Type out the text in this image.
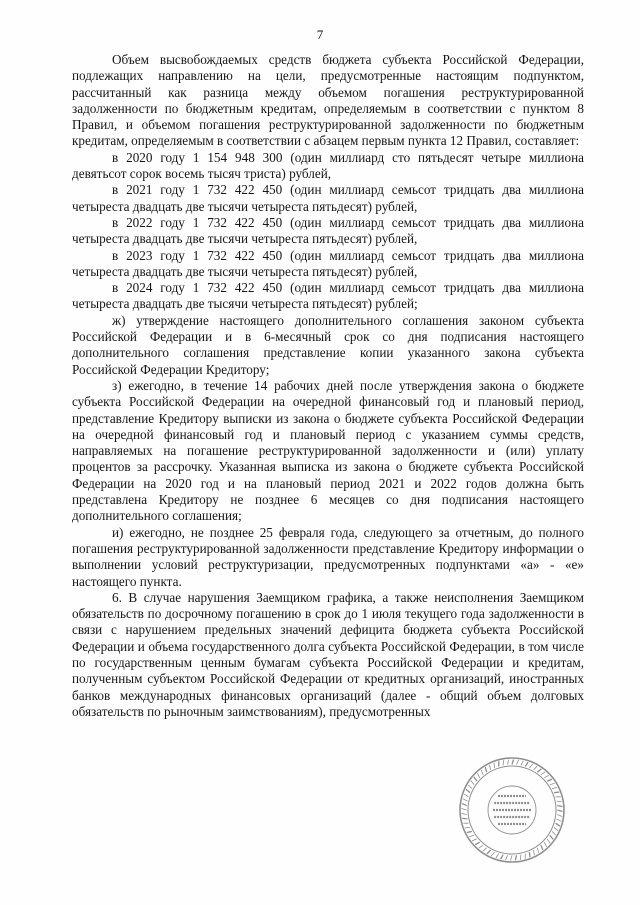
7

Объем высвобождаемых средств бюджета субъекта Российской Федерации, подлежащих направлению на цели, предусмотренные настоящим подпунктом, рассчитанный как разница между объемом погашения реструктурированной задолженности по бюджетным кредитам, определяемым в соответствии с пунктом 8 Правил, и объемом погашения реструктурированной задолженности по бюджетным кредитам, определяемым в соответствии с абзацем первым пункта 12 Правил, составляет:

в 2020 году 1 154 948 300 (один миллиард сто пятьдесят четыре миллиона девятьсот сорок восемь тысяч триста) рублей,

в 2021 году 1 732 422 450 (один миллиард семьсот тридцать два миллиона четыреста двадцать две тысячи четыреста пятьдесят) рублей,

в 2022 году 1 732 422 450 (один миллиард семьсот тридцать два миллиона четыреста двадцать две тысячи четыреста пятьдесят) рублей,

в 2023 году 1 732 422 450 (один миллиард семьсот тридцать два миллиона четыреста двадцать две тысячи четыреста пятьдесят) рублей,

в 2024 году 1 732 422 450 (один миллиард семьсот тридцать два миллиона четыреста двадцать две тысячи четыреста пятьдесят) рублей;

ж) утверждение настоящего дополнительного соглашения законом субъекта Российской Федерации и в 6-месячный срок со дня подписания настоящего дополнительного соглашения представление копии указанного закона субъекта Российской Федерации Кредитору;

з) ежегодно, в течение 14 рабочих дней после утверждения закона о бюджете субъекта Российской Федерации на очередной финансовый год и плановый период, представление Кредитору выписки из закона о бюджете субъекта Российской Федерации на очередной финансовый год и плановый период с указанием суммы средств, направляемых на погашение реструктурированной задолженности и (или) уплату процентов за рассрочку. Указанная выписка из закона о бюджете субъекта Российской Федерации на 2020 год и на плановый период 2021 и 2022 годов должна быть представлена Кредитору не позднее 6 месяцев со дня подписания настоящего дополнительного соглашения;

и) ежегодно, не позднее 25 февраля года, следующего за отчетным, до полного погашения реструктурированной задолженности представление Кредитору информации о выполнении условий реструктуризации, предусмотренных подпунктами «а» - «е» настоящего пункта.

6. В случае нарушения Заемщиком графика, а также неисполнения Заемщиком обязательств по досрочному погашению в срок до 1 июля текущего года задолженности в связи с нарушением предельных значений дефицита бюджета субъекта Российской Федерации и объема государственного долга субъекта Российской Федерации, в том числе по государственным ценным бумагам субъекта Российской Федерации и кредитам, полученным субъектом Российской Федерации от кредитных организаций, иностранных банков международных финансовых организаций (далее - общий объем долговых обязательств по рыночным заимствованиям), предусмотренных
